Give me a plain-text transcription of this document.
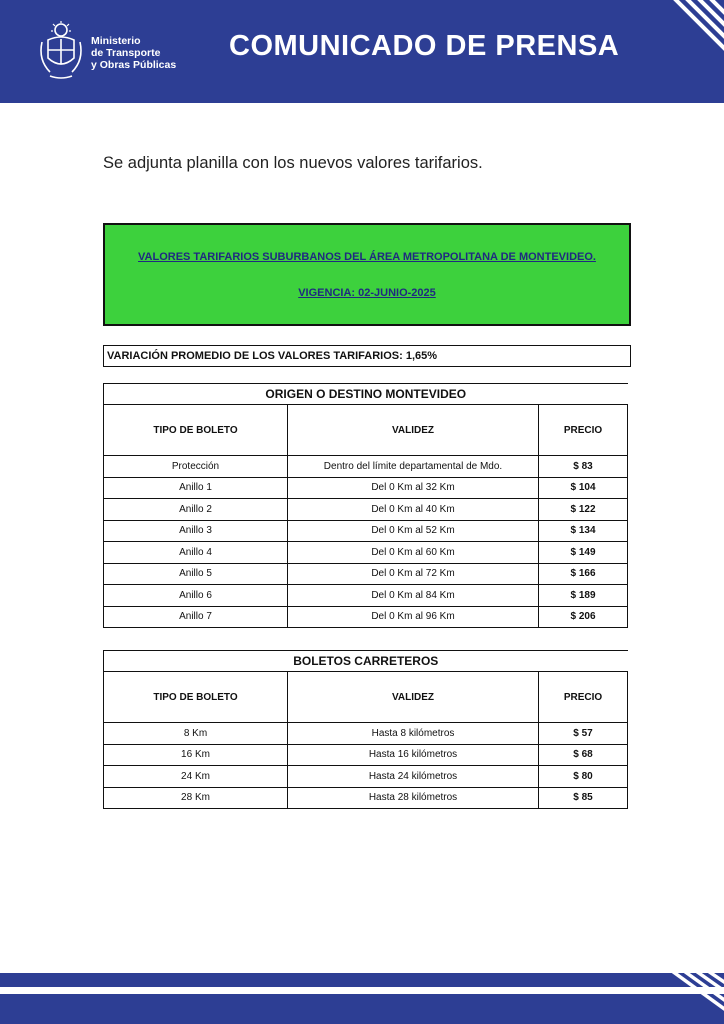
Ministerio
de Transporte
y Obras Públicas
COMUNICADO DE PRENSA
Se adjunta planilla con los nuevos valores tarifarios.
VALORES TARIFARIOS SUBURBANOS DEL ÁREA METROPOLITANA DE MONTEVIDEO.
VIGENCIA: 02-JUNIO-2025
VARIACIÓN PROMEDIO DE LOS VALORES TARIFARIOS: 1,65%
ORIGEN O DESTINO MONTEVIDEO		
TIPO DE BOLETO	VALIDEZ	PRECIO
Protección	Dentro del límite departamental de Mdo.	$ 83
Anillo 1	Del 0 Km al 32 Km	$ 104
Anillo 2	Del 0 Km al 40 Km	$ 122
Anillo 3	Del 0 Km al 52 Km	$ 134
Anillo 4	Del 0 Km al 60 Km	$ 149
Anillo 5	Del 0 Km al 72 Km	$ 166
Anillo 6	Del 0 Km al 84 Km	$ 189
Anillo 7	Del 0 Km al 96 Km	$ 206
BOLETOS CARRETEROS		
TIPO DE BOLETO	VALIDEZ	PRECIO
8 Km	Hasta 8 kilómetros	$ 57
16 Km	Hasta 16 kilómetros	$ 68
24 Km	Hasta 24 kilómetros	$ 80
28 Km	Hasta 28 kilómetros	$ 85
